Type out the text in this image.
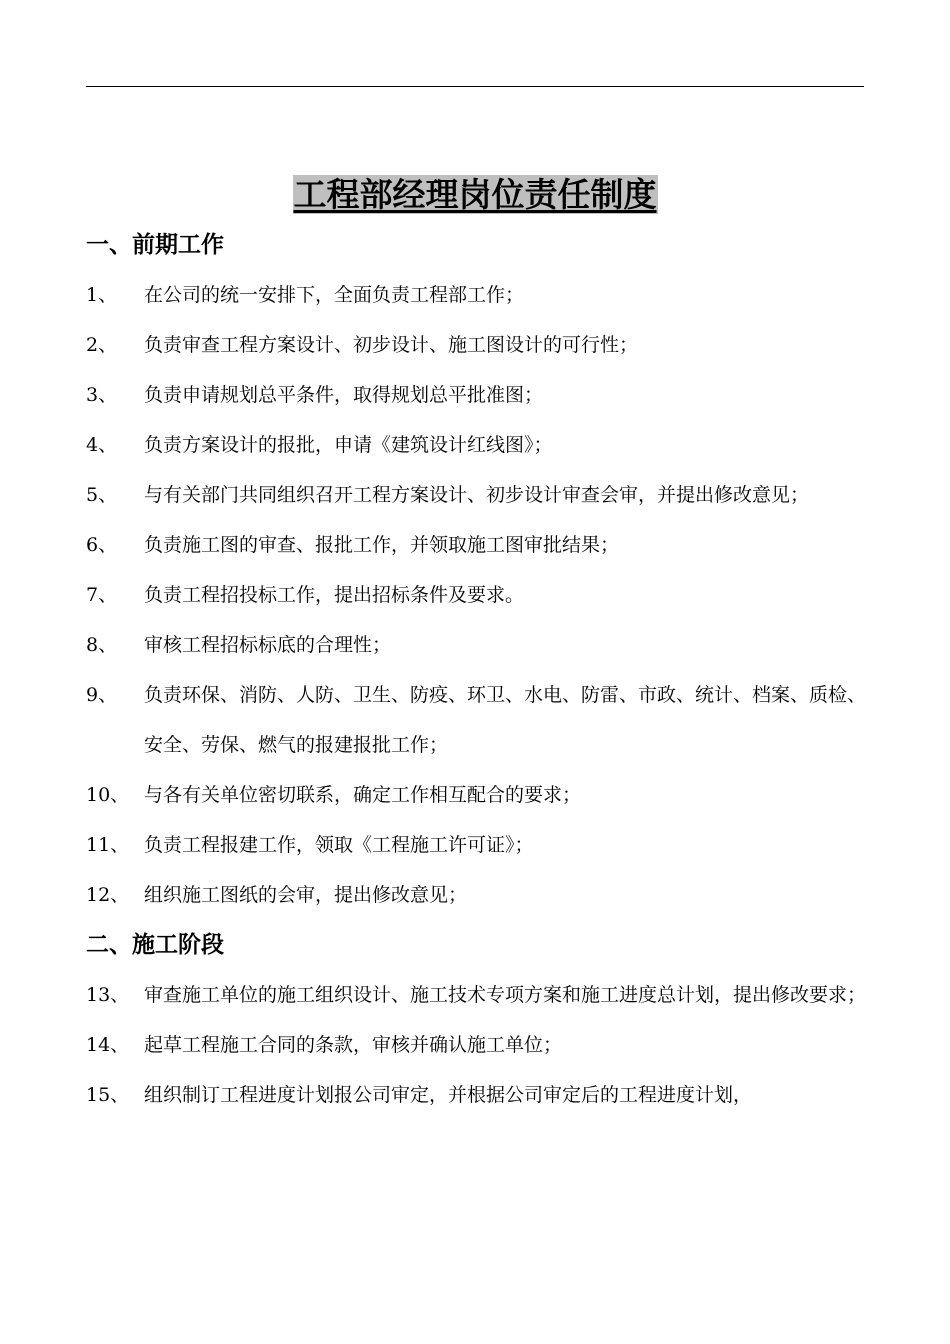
工程部经理岗位责任制度
一、前期工作
1、	在公司的统一安排下，全面负责工程部工作；
2、	负责审查工程方案设计、初步设计、施工图设计的可行性；
3、	负责申请规划总平条件，取得规划总平批准图；
4、	负责方案设计的报批，申请《建筑设计红线图》；
5、	与有关部门共同组织召开工程方案设计、初步设计审查会审，并提出修改意见；
6、	负责施工图的审查、报批工作，并领取施工图审批结果；
7、	负责工程招投标工作，提出招标条件及要求。
8、	审核工程招标标底的合理性；
9、	负责环保、消防、人防、卫生、防疫、环卫、水电、防雷、市政、统计、档案、质检、安全、劳保、燃气的报建报批工作；
10、 与各有关单位密切联系，确定工作相互配合的要求；
11、 负责工程报建工作，领取《工程施工许可证》；
12、 组织施工图纸的会审，提出修改意见；
二、施工阶段
13、 审查施工单位的施工组织设计、施工技术专项方案和施工进度总计划，提出修改要求；
14、 起草工程施工合同的条款，审核并确认施工单位；
15、 组织制订工程进度计划报公司审定，并根据公司审定后的工程进度计划，
